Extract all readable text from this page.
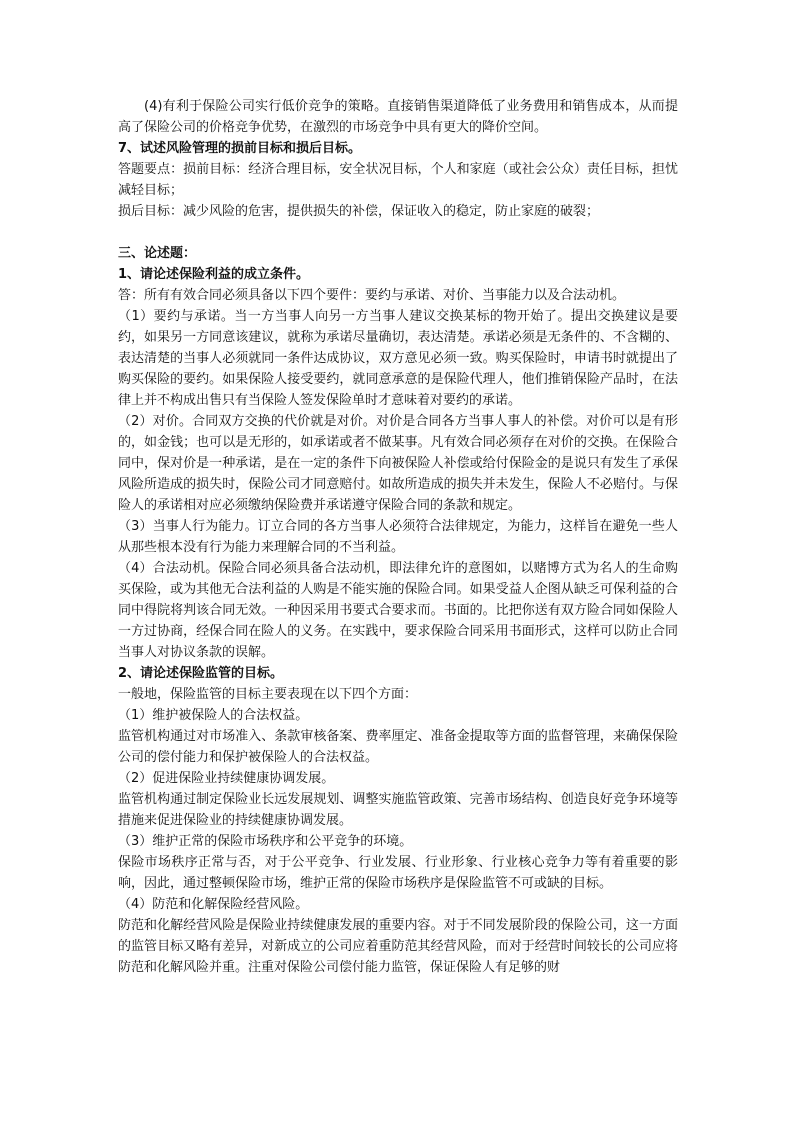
(4)有利于保险公司实行低价竞争的策略。直接销售渠道降低了业务费用和销售成本，从而提高了保险公司的价格竞争优势，在激烈的市场竞争中具有更大的降价空间。

7、试述风险管理的损前目标和损后目标。

答题要点：损前目标：经济合理目标，安全状况目标，个人和家庭（或社会公众）责任目标，担忧减轻目标；

损后目标：减少风险的危害，提供损失的补偿，保证收入的稳定，防止家庭的破裂；

三、论述题：

1、请论述保险利益的成立条件。

答：所有有效合同必须具备以下四个要件：要约与承诺、对价、当事能力以及合法动机。

（1）要约与承诺。当一方当事人向另一方当事人建议交换某标的物开始了。提出交换建议是要约，如果另一方同意该建议，就称为承诺尽量确切，表达清楚。承诺必须是无条件的、不含糊的、表达清楚的当事人必须就同一条件达成协议，双方意见必须一致。购买保险时，申请书时就提出了购买保险的要约。如果保险人接受要约，就同意承意的是保险代理人，他们推销保险产品时，在法律上并不构成出售只有当保险人签发保险单时才意味着对要约的承诺。

（2）对价。合同双方交换的代价就是对价。对价是合同各方当事人事人的补偿。对价可以是有形的，如金钱；也可以是无形的，如承诺或者不做某事。凡有效合同必须存在对价的交换。在保险合同中，保对价是一种承诺，是在一定的条件下向被保险人补偿或给付保险金的是说只有发生了承保风险所造成的损失时，保险公司才同意赔付。如故所造成的损失并未发生，保险人不必赔付。与保险人的承诺相对应必须缴纳保险费并承诺遵守保险合同的条款和规定。

（3）当事人行为能力。订立合同的各方当事人必须符合法律规定，为能力，这样旨在避免一些人从那些根本没有行为能力来理解合同的不当利益。

（4）合法动机。保险合同必须具备合法动机，即法律允许的意图如，以赌博方式为名人的生命购买保险，或为其他无合法利益的人购是不能实施的保险合同。如果受益人企图从缺乏可保利益的合同中得院将判该合同无效。一种因采用书要式合要求而。书面的。比把你送有双方险合同如保险人一方过协商，经保合同在险人的义务。在实践中，要求保险合同采用书面形式，这样可以防止合同当事人对协议条款的误解。

2、请论述保险监管的目标。

一般地，保险监管的目标主要表现在以下四个方面：

（1）维护被保险人的合法权益。

监管机构通过对市场准入、条款审核备案、费率厘定、准备金提取等方面的监督管理，来确保保险公司的偿付能力和保护被保险人的合法权益。

（2）促进保险业持续健康协调发展。

监管机构通过制定保险业长远发展规划、调整实施监管政策、完善市场结构、创造良好竞争环境等措施来促进保险业的持续健康协调发展。

（3）维护正常的保险市场秩序和公平竞争的环境。

保险市场秩序正常与否，对于公平竞争、行业发展、行业形象、行业核心竞争力等有着重要的影响，因此，通过整顿保险市场，维护正常的保险市场秩序是保险监管不可或缺的目标。

（4）防范和化解保险经营风险。

防范和化解经营风险是保险业持续健康发展的重要内容。对于不同发展阶段的保险公司，这一方面的监管目标又略有差异，对新成立的公司应着重防范其经营风险，而对于经营时间较长的公司应将防范和化解风险并重。注重对保险公司偿付能力监管，保证保险人有足够的财
